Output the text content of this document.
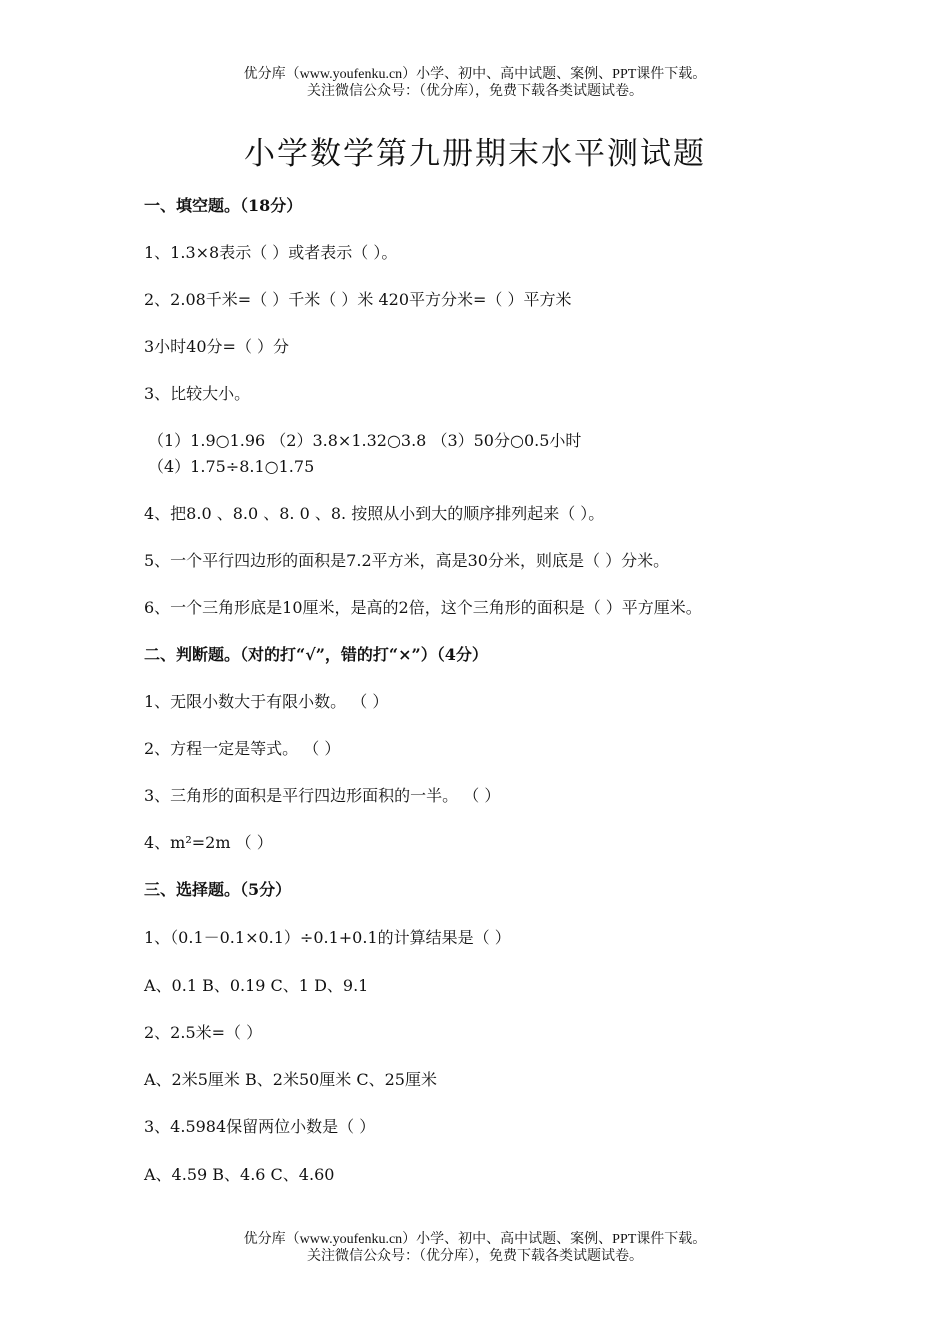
优分库（www.youfenku.cn）小学、初中、高中试题、案例、PPT课件下载。
关注微信公众号：（优分库），免费下载各类试题试卷。
小学数学第九册期末水平测试题
一、填空题。（18分）
1、1.3×8表示（ ）或者表示（ ）。
2、2.08千米=（ ）千米（ ）米 420平方分米=（ ）平方米
3小时40分=（ ）分
3、比较大小。
（1）1.9○1.96 （2）3.8×1.32○3.8 （3）50分○0.5小时
（4）1.75÷8.1○1.75
4、把8.0 、8.0 、8. 0 、8. 按照从小到大的顺序排列起来（ ）。
5、一个平行四边形的面积是7.2平方米，高是30分米，则底是（ ）分米。
6、一个三角形底是10厘米，是高的2倍，这个三角形的面积是（ ）平方厘米。
二、判断题。（对的打“√”，错的打“×”）（4分）
1、无限小数大于有限小数。 （ ）
2、方程一定是等式。 （ ）
3、三角形的面积是平行四边形面积的一半。 （ ）
4、m²=2m （ ）
三、选择题。（5分）
1、（0.1－0.1×0.1）÷0.1+0.1的计算结果是（ ）
A、0.1 B、0.19 C、1 D、9.1
2、2.5米=（ ）
A、2米5厘米 B、2米50厘米 C、25厘米
3、4.5984保留两位小数是（ ）
A、4.59 B、4.6 C、4.60
优分库（www.youfenku.cn）小学、初中、高中试题、案例、PPT课件下载。
关注微信公众号：（优分库），免费下载各类试题试卷。
